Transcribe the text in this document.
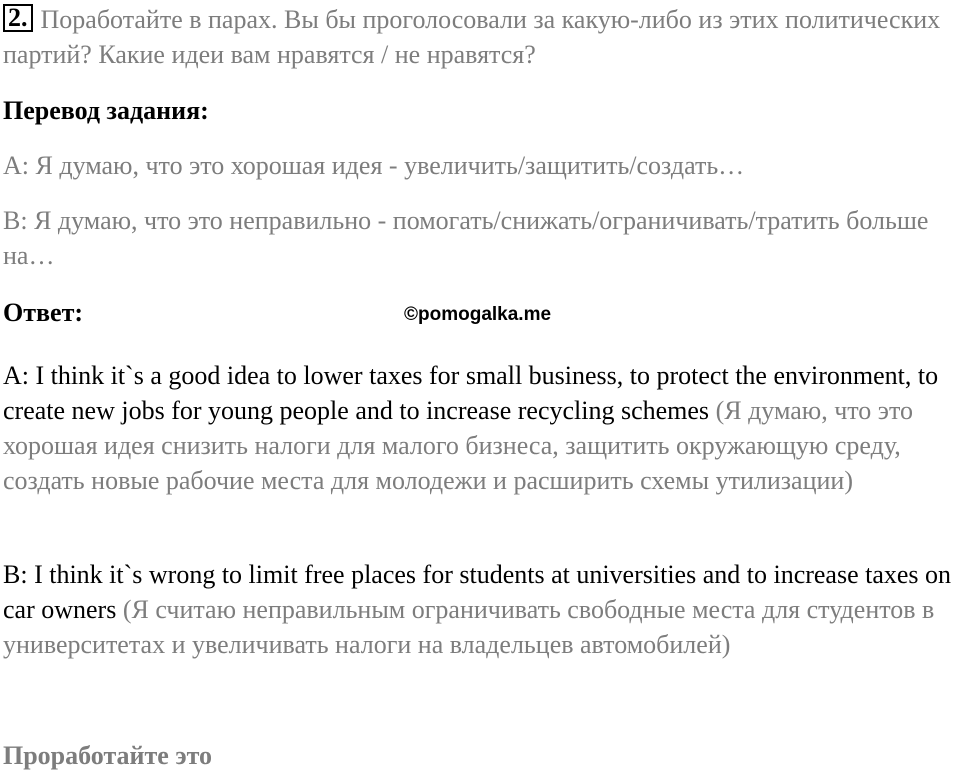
2. Поработайте в парах. Вы бы проголосовали за какую-либо из этих политических партий? Какие идеи вам нравятся / не нравятся?
Перевод задания:
А: Я думаю, что это хорошая идея - увеличить/защитить/создать…
В: Я думаю, что это неправильно - помогать/снижать/ограничивать/тратить больше на…
Ответ:	©pomogalka.me
A: I think it`s a good idea to lower taxes for small business, to protect the environment, to create new jobs for young people and to increase recycling schemes (Я думаю, что это хорошая идея снизить налоги для малого бизнеса, защитить окружающую среду, создать новые рабочие места для молодежи и расширить схемы утилизации)
B: I think it`s wrong to limit free places for students at universities and to increase taxes on car owners (Я считаю неправильным ограничивать свободные места для студентов в университетах и увеличивать налоги на владельцев автомобилей)
Проработайте это
